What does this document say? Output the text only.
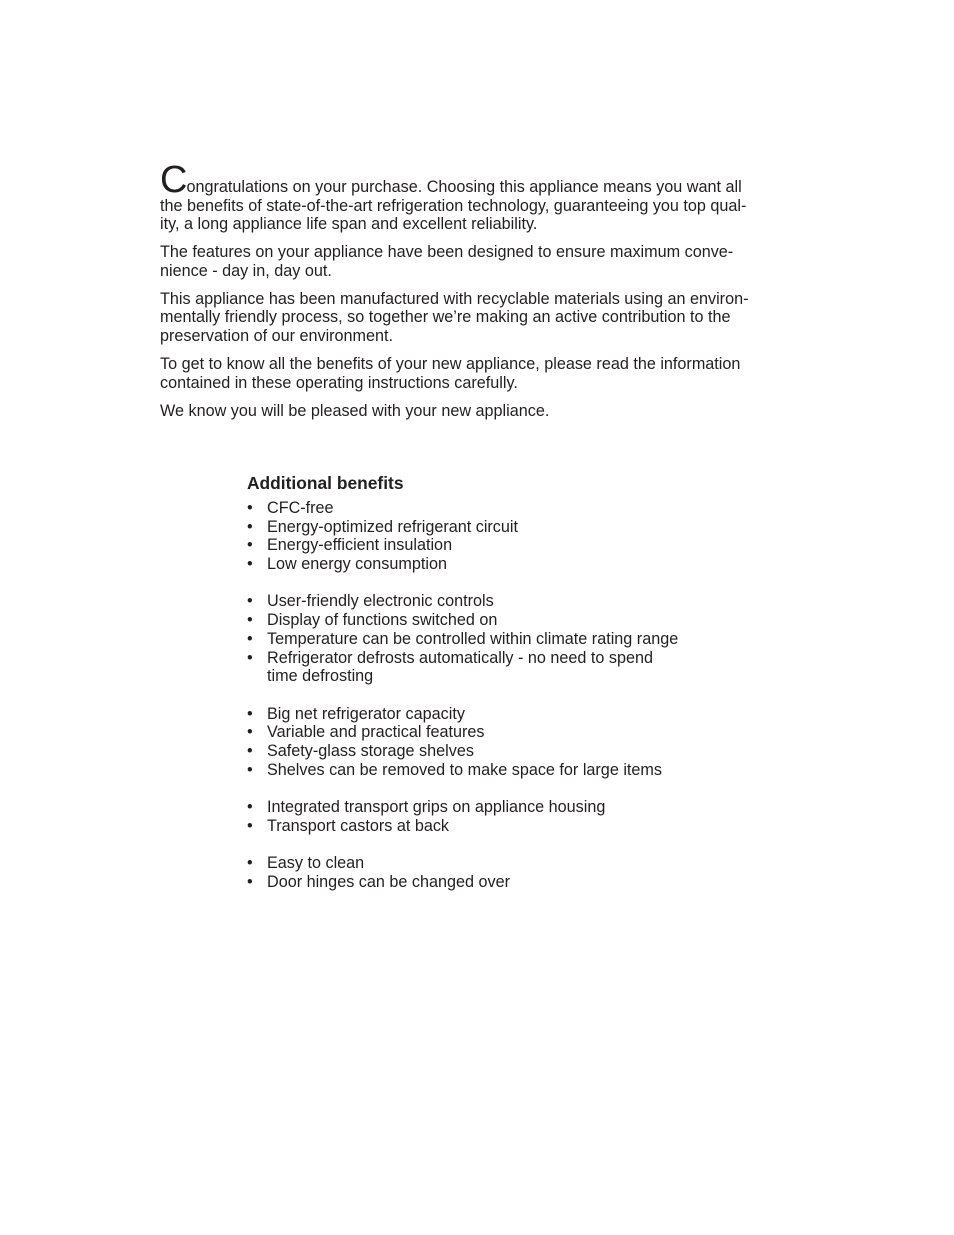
Congratulations on your purchase. Choosing this appliance means you want all
the benefits of state-of-the-art refrigeration technology, guaranteeing you top qual-
ity, a long appliance life span and excellent reliability.

The features on your appliance have been designed to ensure maximum conve-
nience - day in, day out.

This appliance has been manufactured with recyclable materials using an environ-
mentally friendly process, so together we’re making an active contribution to the
preservation of our environment.

To get to know all the benefits of your new appliance, please read the information
contained in these operating instructions carefully.

We know you will be pleased with your new appliance.

Additional benefits
• CFC-free
• Energy-optimized refrigerant circuit
• Energy-efficient insulation
• Low energy consumption
• User-friendly electronic controls
• Display of functions switched on
• Temperature can be controlled within climate rating range
• Refrigerator defrosts automatically - no need to spend
time defrosting
• Big net refrigerator capacity
• Variable and practical features
• Safety-glass storage shelves
• Shelves can be removed to make space for large items
• Integrated transport grips on appliance housing
• Transport castors at back
• Easy to clean
• Door hinges can be changed over
